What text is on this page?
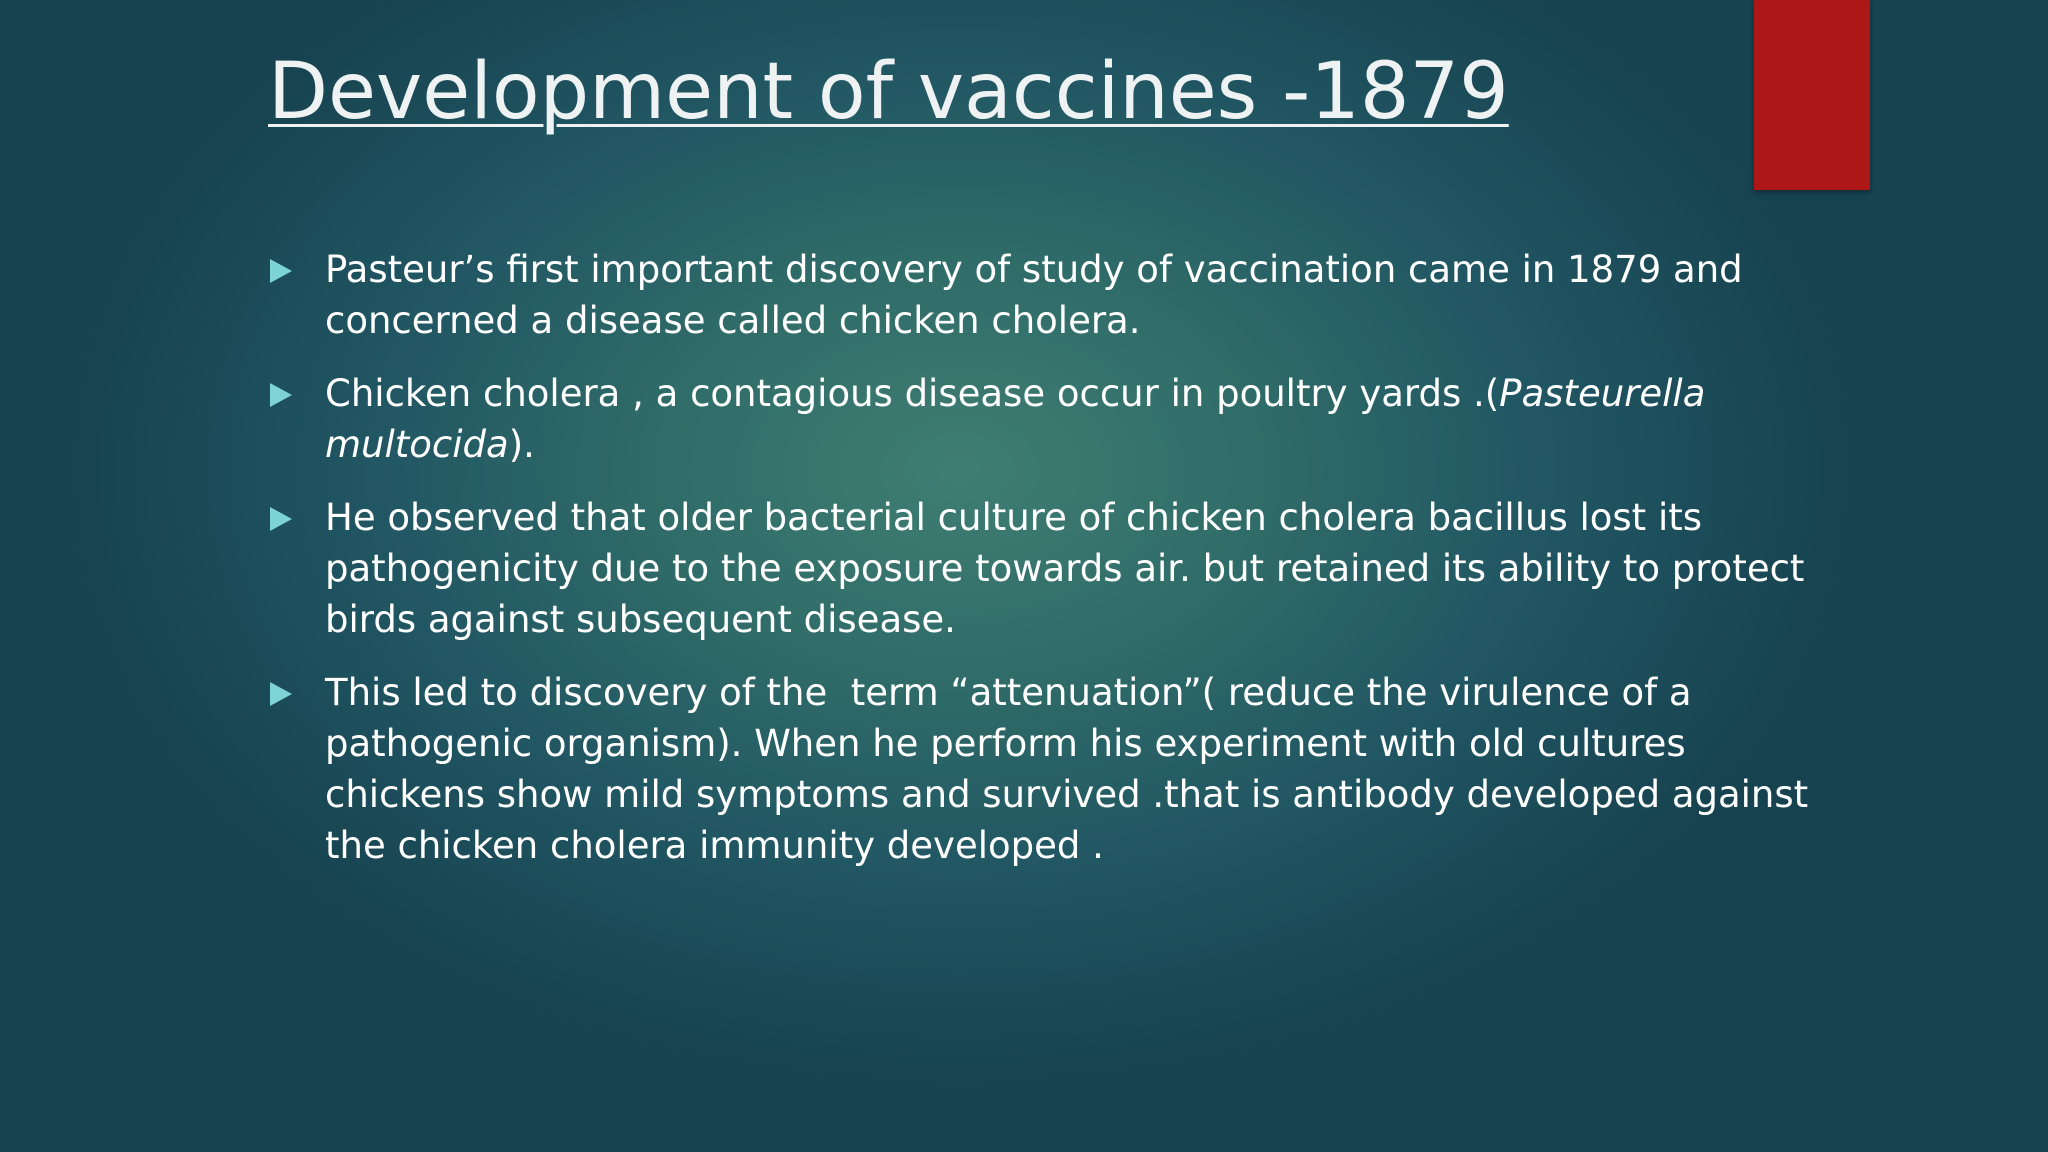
Development of vaccines -1879
Pasteur’s first important discovery of study of vaccination came in 1879 and concerned a disease called chicken cholera.
Chicken cholera , a contagious disease occur in poultry yards .(Pasteurella multocida).
He observed that older bacterial culture of chicken cholera bacillus lost its pathogenicity due to the exposure towards air. but retained its ability to protect birds against subsequent disease.
This led to discovery of the  term “attenuation”( reduce the virulence of a pathogenic organism). When he perform his experiment with old cultures chickens show mild symptoms and survived .that is antibody developed against the chicken cholera immunity developed .
